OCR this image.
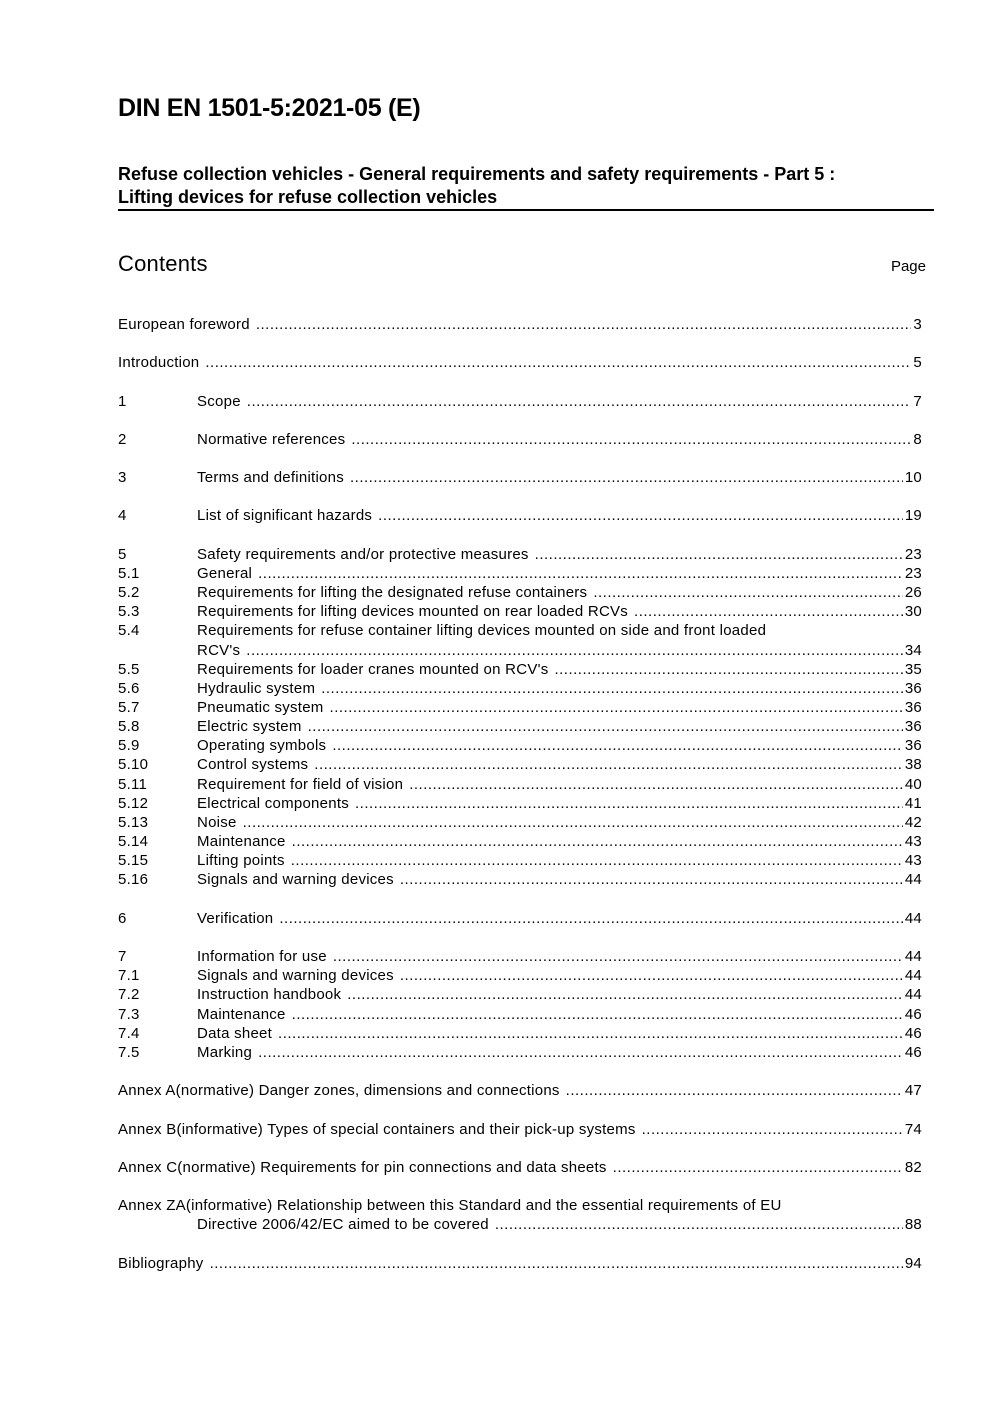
DIN EN 1501-5:2021-05 (E)
Refuse collection vehicles - General requirements and safety requirements - Part 5 :
Lifting devices for refuse collection vehicles
Contents	Page
European foreword .....	3
Introduction .....	5
1	Scope .....	7
2	Normative references .....	8
3	Terms and definitions .....	10
4	List of significant hazards .....	19
5	Safety requirements and/or protective measures .....	23
5.1	General .....	23
5.2	Requirements for lifting the designated refuse containers .....	26
5.3	Requirements for lifting devices mounted on rear loaded RCVs .....	30
5.4	Requirements for refuse container lifting devices mounted on side and front loaded
RCV's .....	34
5.5	Requirements for loader cranes mounted on RCV's .....	35
5.6	Hydraulic system .....	36
5.7	Pneumatic system .....	36
5.8	Electric system .....	36
5.9	Operating symbols .....	36
5.10	Control systems .....	38
5.11	Requirement for field of vision .....	40
5.12	Electrical components .....	41
5.13	Noise .....	42
5.14	Maintenance .....	43
5.15	Lifting points .....	43
5.16	Signals and warning devices .....	44
6	Verification .....	44
7	Information for use .....	44
7.1	Signals and warning devices .....	44
7.2	Instruction handbook .....	44
7.3	Maintenance .....	46
7.4	Data sheet .....	46
7.5	Marking .....	46
Annex A(normative) Danger zones, dimensions and connections .....	47
Annex B(informative) Types of special containers and their pick-up systems .....	74
Annex C(normative) Requirements for pin connections and data sheets .....	82
Annex ZA(informative) Relationship between this Standard and the essential requirements of EU
Directive 2006/42/EC aimed to be covered .....	88
Bibliography .....	94
